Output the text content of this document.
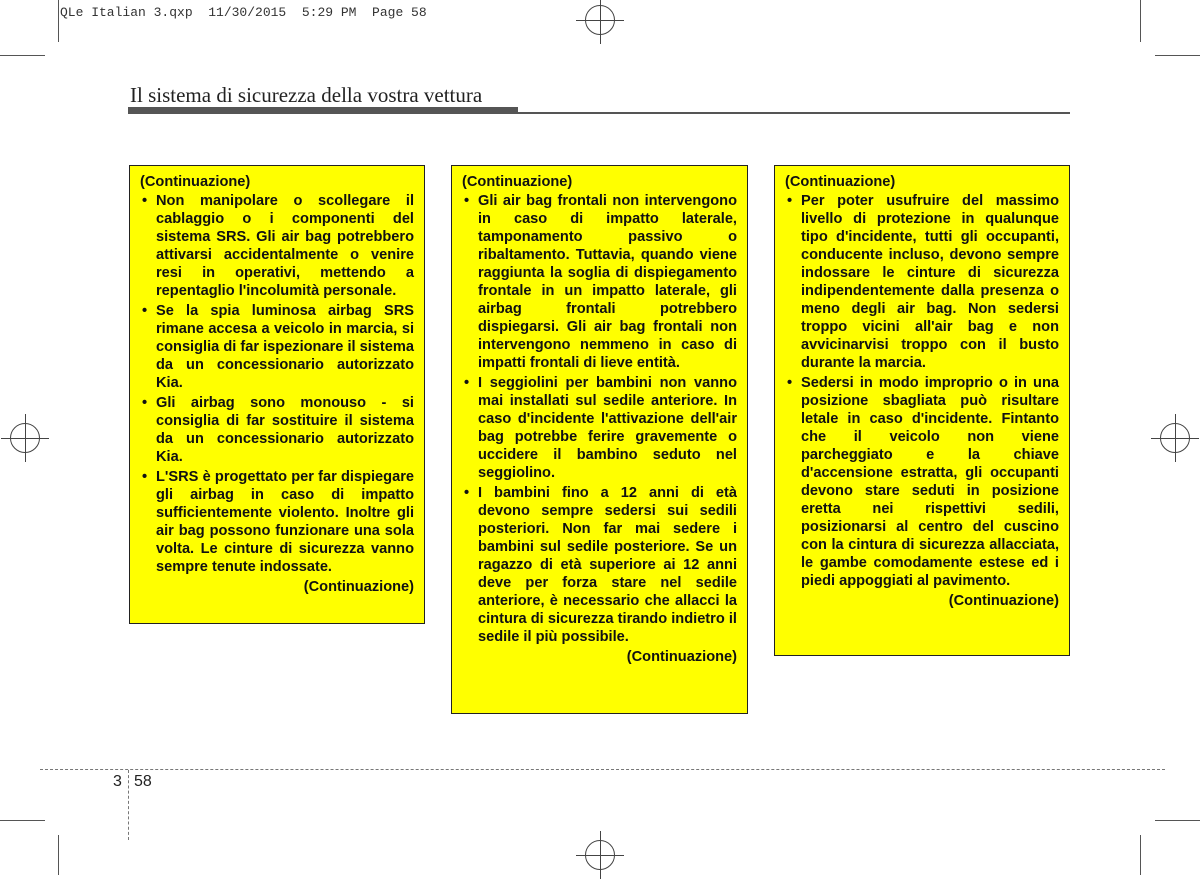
QLe Italian 3.qxp  11/30/2015  5:29 PM  Page 58
Il sistema di sicurezza della vostra vettura
(Continuazione)
• Non manipolare o scollegare il cablaggio o i componenti del sistema SRS. Gli air bag potrebbero attivarsi accidentalmente o venire resi in operativi, mettendo a repentaglio l'incolumità personale.
• Se la spia luminosa airbag SRS rimane accesa a veicolo in marcia, si consiglia di far ispezionare il sistema da un concessionario autorizzato Kia.
• Gli airbag sono monouso - si consiglia di far sostituire il sistema da un concessionario autorizzato Kia.
• L'SRS è progettato per far dispiegare gli airbag in caso di impatto sufficientemente violento. Inoltre gli air bag possono funzionare una sola volta. Le cinture di sicurezza vanno sempre tenute indossate.
(Continuazione)
(Continuazione)
• Gli air bag frontali non intervengono in caso di impatto laterale, tamponamento passivo o ribaltamento. Tuttavia, quando viene raggiunta la soglia di dispiegamento frontale in un impatto laterale, gli airbag frontali potrebbero dispiegarsi. Gli air bag frontali non intervengono nemmeno in caso di impatti frontali di lieve entità.
• I seggiolini per bambini non vanno mai installati sul sedile anteriore. In caso d'incidente l'attivazione dell'air bag potrebbe ferire gravemente o uccidere il bambino seduto nel seggiolino.
• I bambini fino a 12 anni di età devono sempre sedersi sui sedili posteriori. Non far mai sedere i bambini sul sedile posteriore. Se un ragazzo di età superiore ai 12 anni deve per forza stare nel sedile anteriore, è necessario che allacci la cintura di sicurezza tirando indietro il sedile il più possibile.
(Continuazione)
(Continuazione)
• Per poter usufruire del massimo livello di protezione in qualunque tipo d'incidente, tutti gli occupanti, conducente incluso, devono sempre indossare le cinture di sicurezza indipendentemente dalla presenza o meno degli air bag. Non sedersi troppo vicini all'air bag e non avvicinarvisi troppo con il busto durante la marcia.
• Sedersi in modo improprio o in una posizione sbagliata può risultare letale in caso d'incidente. Fintanto che il veicolo non viene parcheggiato e la chiave d'accensione estratta, gli occupanti devono stare seduti in posizione eretta nei rispettivi sedili, posizionarsi al centro del cuscino con la cintura di sicurezza allacciata, le gambe comodamente estese ed i piedi appoggiati al pavimento.
(Continuazione)
3 58
